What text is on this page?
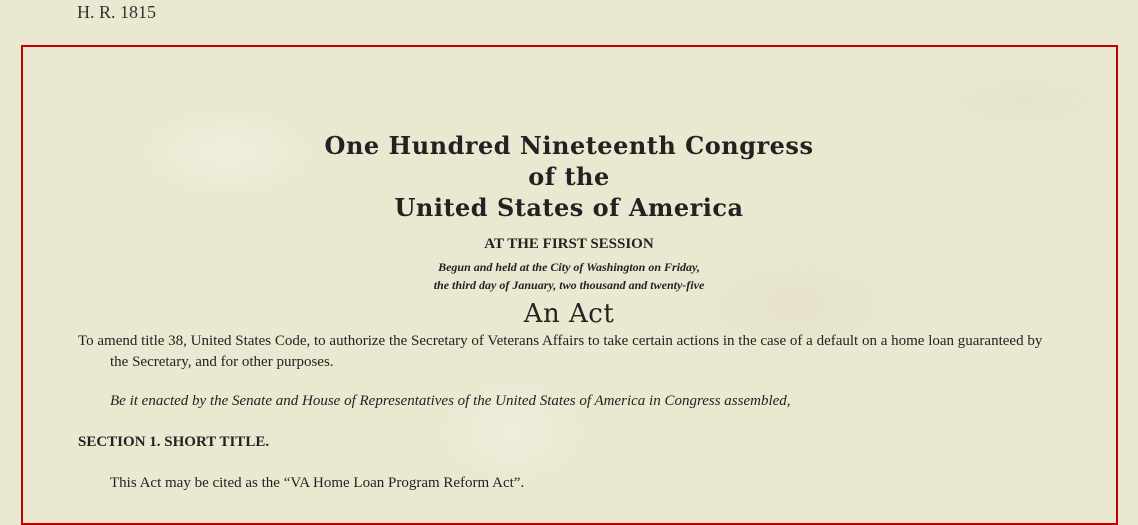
H. R. 1815

One Hundred Nineteenth Congress
of the
United States of America

AT THE FIRST SESSION

Begun and held at the City of Washington on Friday,
the third day of January, two thousand and twenty-five
An Act

To amend title 38, United States Code, to authorize the Secretary of Veterans Affairs to take certain actions in the case of a default on a home loan guaranteed by the Secretary, and for other purposes.

Be it enacted by the Senate and House of Representatives of the United States of America in Congress assembled,

SECTION 1. SHORT TITLE.

This Act may be cited as the “VA Home Loan Program Reform Act”.
